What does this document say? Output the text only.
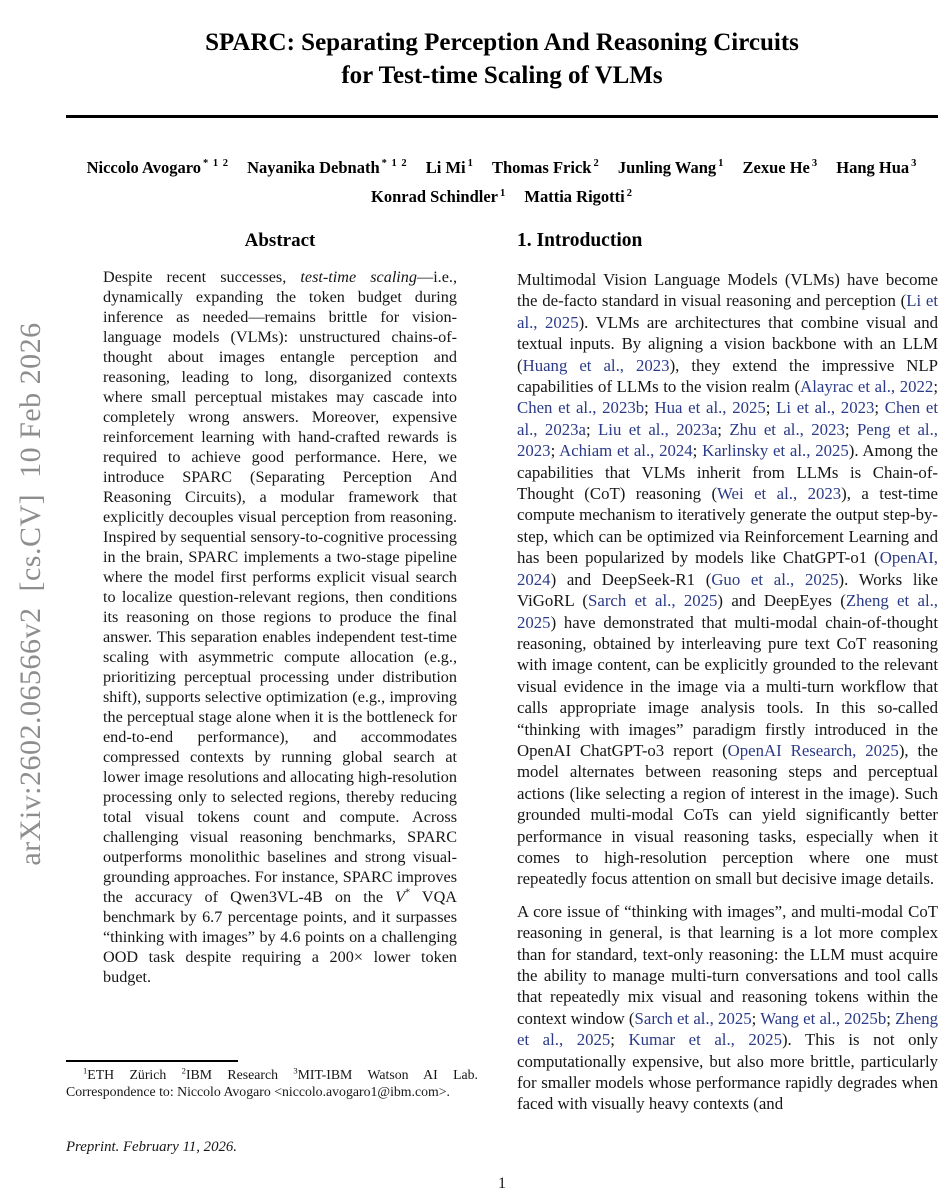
arXiv:2602.06566v2  [cs.CV]  10 Feb 2026
SPARC: Separating Perception And Reasoning Circuits
for Test-time Scaling of VLMs
Niccolo Avogaro $^{* 1 2}$ Nayanika Debnath $^{* 1 2}$ Li Mi $^1$ Thomas Frick $^2$ Junling Wang $^1$ Zexue He $^3$ Hang Hua $^3$
Konrad Schindler $^1$ Mattia Rigotti $^2$
Abstract
Despite recent successes, test-time scaling—i.e., dynamically expanding the token budget during inference as needed—remains brittle for vision-language models (VLMs): unstructured chains-of-thought about images entangle perception and reasoning, leading to long, disorganized contexts where small perceptual mistakes may cascade into completely wrong answers. Moreover, expensive reinforcement learning with hand-crafted rewards is required to achieve good performance. Here, we introduce SPARC (Separating Perception And Reasoning Circuits), a modular framework that explicitly decouples visual perception from reasoning. Inspired by sequential sensory-to-cognitive processing in the brain, SPARC implements a two-stage pipeline where the model first performs explicit visual search to localize question-relevant regions, then conditions its reasoning on those regions to produce the final answer. This separation enables independent test-time scaling with asymmetric compute allocation (e.g., prioritizing perceptual processing under distribution shift), supports selective optimization (e.g., improving the perceptual stage alone when it is the bottleneck for end-to-end performance), and accommodates compressed contexts by running global search at lower image resolutions and allocating high-resolution processing only to selected regions, thereby reducing total visual tokens count and compute. Across challenging visual reasoning benchmarks, SPARC outperforms monolithic baselines and strong visual-grounding approaches. For instance, SPARC improves the accuracy of Qwen3VL-4B on the V* VQA benchmark by 6.7 percentage points, and it surpasses “thinking with images” by 4.6 points on a challenging OOD task despite requiring a 200× lower token budget.
1. Introduction
Multimodal Vision Language Models (VLMs) have become the de-facto standard in visual reasoning and perception (Li et al., 2025). VLMs are architectures that combine visual and textual inputs. By aligning a vision backbone with an LLM (Huang et al., 2023), they extend the impressive NLP capabilities of LLMs to the vision realm (Alayrac et al., 2022; Chen et al., 2023b; Hua et al., 2025; Li et al., 2023; Chen et al., 2023a; Liu et al., 2023a; Zhu et al., 2023; Peng et al., 2023; Achiam et al., 2024; Karlinsky et al., 2025). Among the capabilities that VLMs inherit from LLMs is Chain-of-Thought (CoT) reasoning (Wei et al., 2023), a test-time compute mechanism to iteratively generate the output step-by-step, which can be optimized via Reinforcement Learning and has been popularized by models like ChatGPT-o1 (OpenAI, 2024) and DeepSeek-R1 (Guo et al., 2025). Works like ViGoRL (Sarch et al., 2025) and DeepEyes (Zheng et al., 2025) have demonstrated that multi-modal chain-of-thought reasoning, obtained by interleaving pure text CoT reasoning with image content, can be explicitly grounded to the relevant visual evidence in the image via a multi-turn workflow that calls appropriate image analysis tools. In this so-called “thinking with images” paradigm firstly introduced in the OpenAI ChatGPT-o3 report (OpenAI Research, 2025), the model alternates between reasoning steps and perceptual actions (like selecting a region of interest in the image). Such grounded multi-modal CoTs can yield significantly better performance in visual reasoning tasks, especially when it comes to high-resolution perception where one must repeatedly focus attention on small but decisive image details.
A core issue of “thinking with images”, and multi-modal CoT reasoning in general, is that learning is a lot more complex than for standard, text-only reasoning: the LLM must acquire the ability to manage multi-turn conversations and tool calls that repeatedly mix visual and reasoning tokens within the context window (Sarch et al., 2025; Wang et al., 2025b; Zheng et al., 2025; Kumar et al., 2025). This is not only computationally expensive, but also more brittle, particularly for smaller models whose performance rapidly degrades when faced with visually heavy contexts (and
$^1$ETH Zürich $^2$IBM Research $^3$MIT-IBM Watson AI Lab. Correspondence to: Niccolo Avogaro <niccolo.avogaro1@ibm.com>.
Preprint. February 11, 2026.
1
